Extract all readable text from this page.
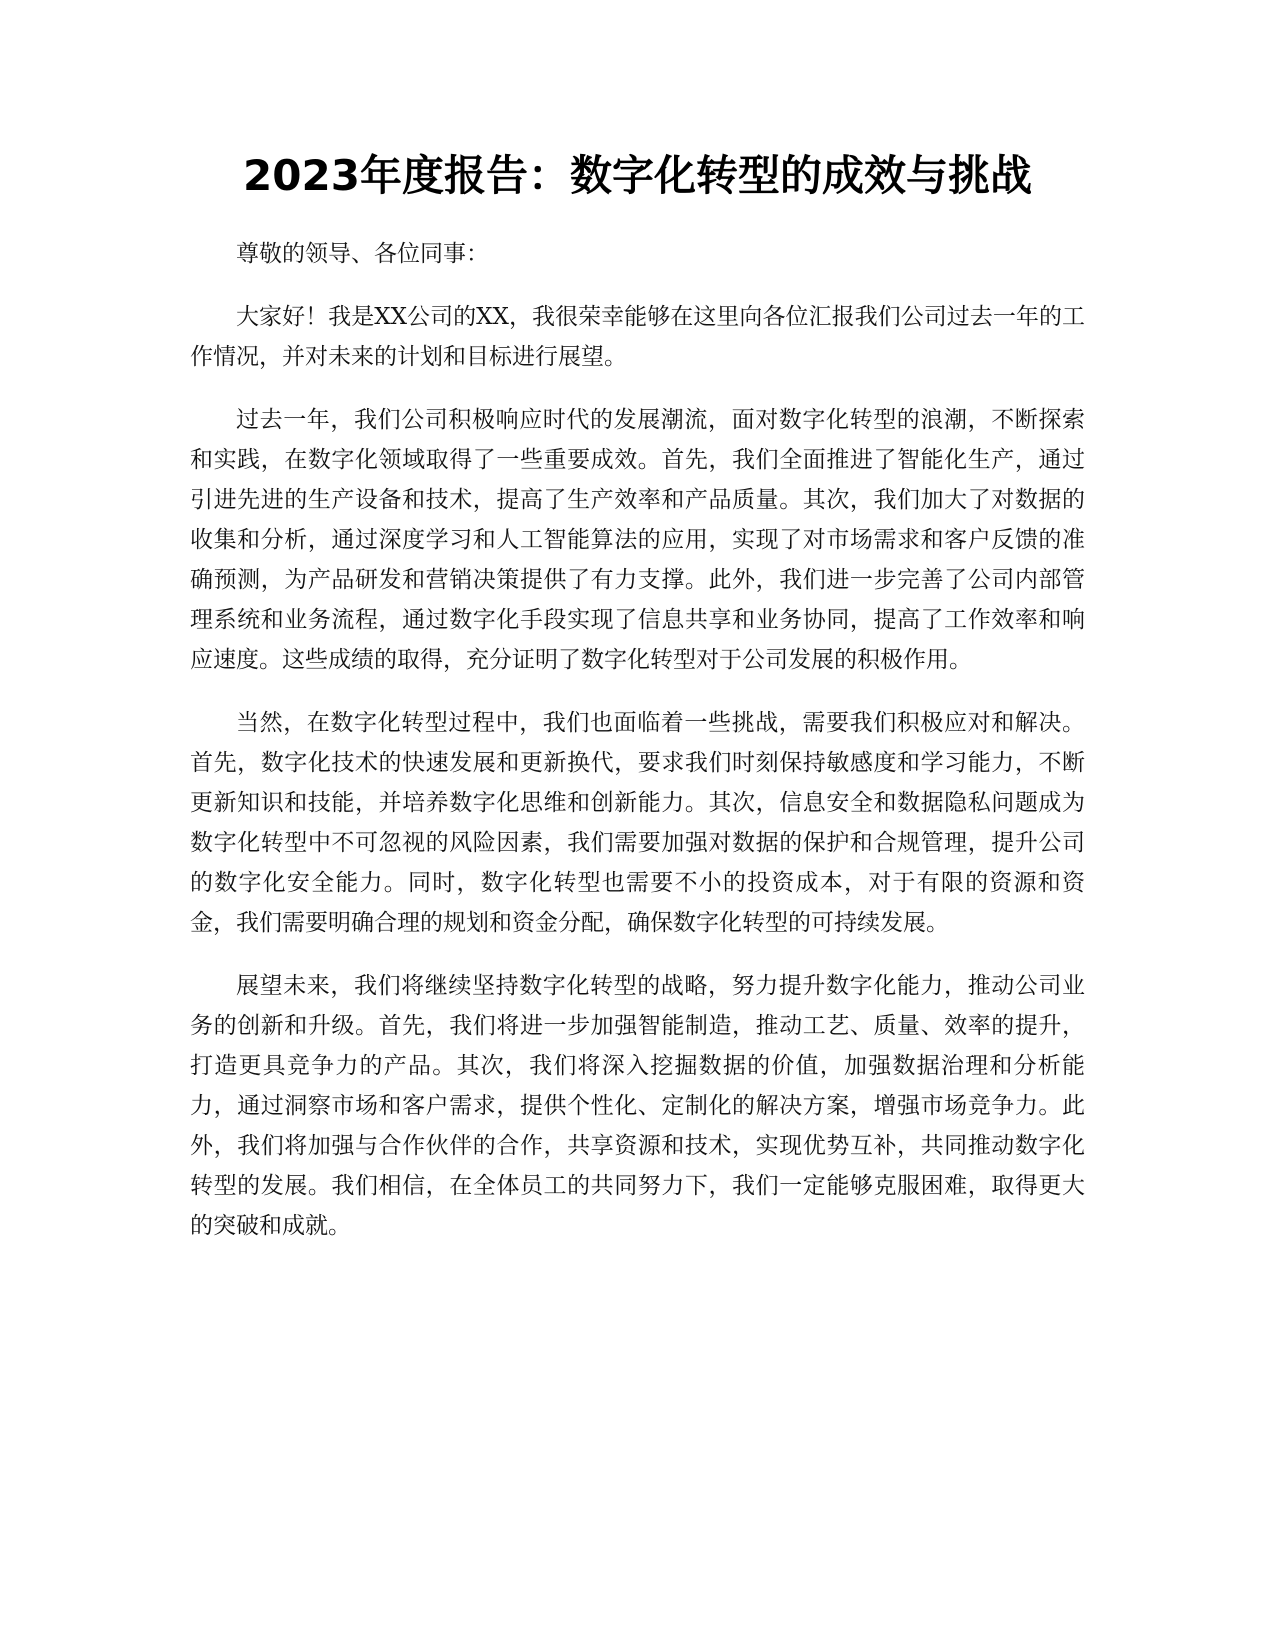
2023年度报告：数字化转型的成效与挑战

尊敬的领导、各位同事：

大家好！我是XX公司的XX，我很荣幸能够在这里向各位汇报我们公司过去一年的工作情况，并对未来的计划和目标进行展望。

过去一年，我们公司积极响应时代的发展潮流，面对数字化转型的浪潮，不断探索和实践，在数字化领域取得了一些重要成效。首先，我们全面推进了智能化生产，通过引进先进的生产设备和技术，提高了生产效率和产品质量。其次，我们加大了对数据的收集和分析，通过深度学习和人工智能算法的应用，实现了对市场需求和客户反馈的准确预测，为产品研发和营销决策提供了有力支撑。此外，我们进一步完善了公司内部管理系统和业务流程，通过数字化手段实现了信息共享和业务协同，提高了工作效率和响应速度。这些成绩的取得，充分证明了数字化转型对于公司发展的积极作用。

当然，在数字化转型过程中，我们也面临着一些挑战，需要我们积极应对和解决。首先，数字化技术的快速发展和更新换代，要求我们时刻保持敏感度和学习能力，不断更新知识和技能，并培养数字化思维和创新能力。其次，信息安全和数据隐私问题成为数字化转型中不可忽视的风险因素，我们需要加强对数据的保护和合规管理，提升公司的数字化安全能力。同时，数字化转型也需要不小的投资成本，对于有限的资源和资金，我们需要明确合理的规划和资金分配，确保数字化转型的可持续发展。

展望未来，我们将继续坚持数字化转型的战略，努力提升数字化能力，推动公司业务的创新和升级。首先，我们将进一步加强智能制造，推动工艺、质量、效率的提升，打造更具竞争力的产品。其次，我们将深入挖掘数据的价值，加强数据治理和分析能力，通过洞察市场和客户需求，提供个性化、定制化的解决方案，增强市场竞争力。此外，我们将加强与合作伙伴的合作，共享资源和技术，实现优势互补，共同推动数字化转型的发展。我们相信，在全体员工的共同努力下，我们一定能够克服困难，取得更大的突破和成就。
